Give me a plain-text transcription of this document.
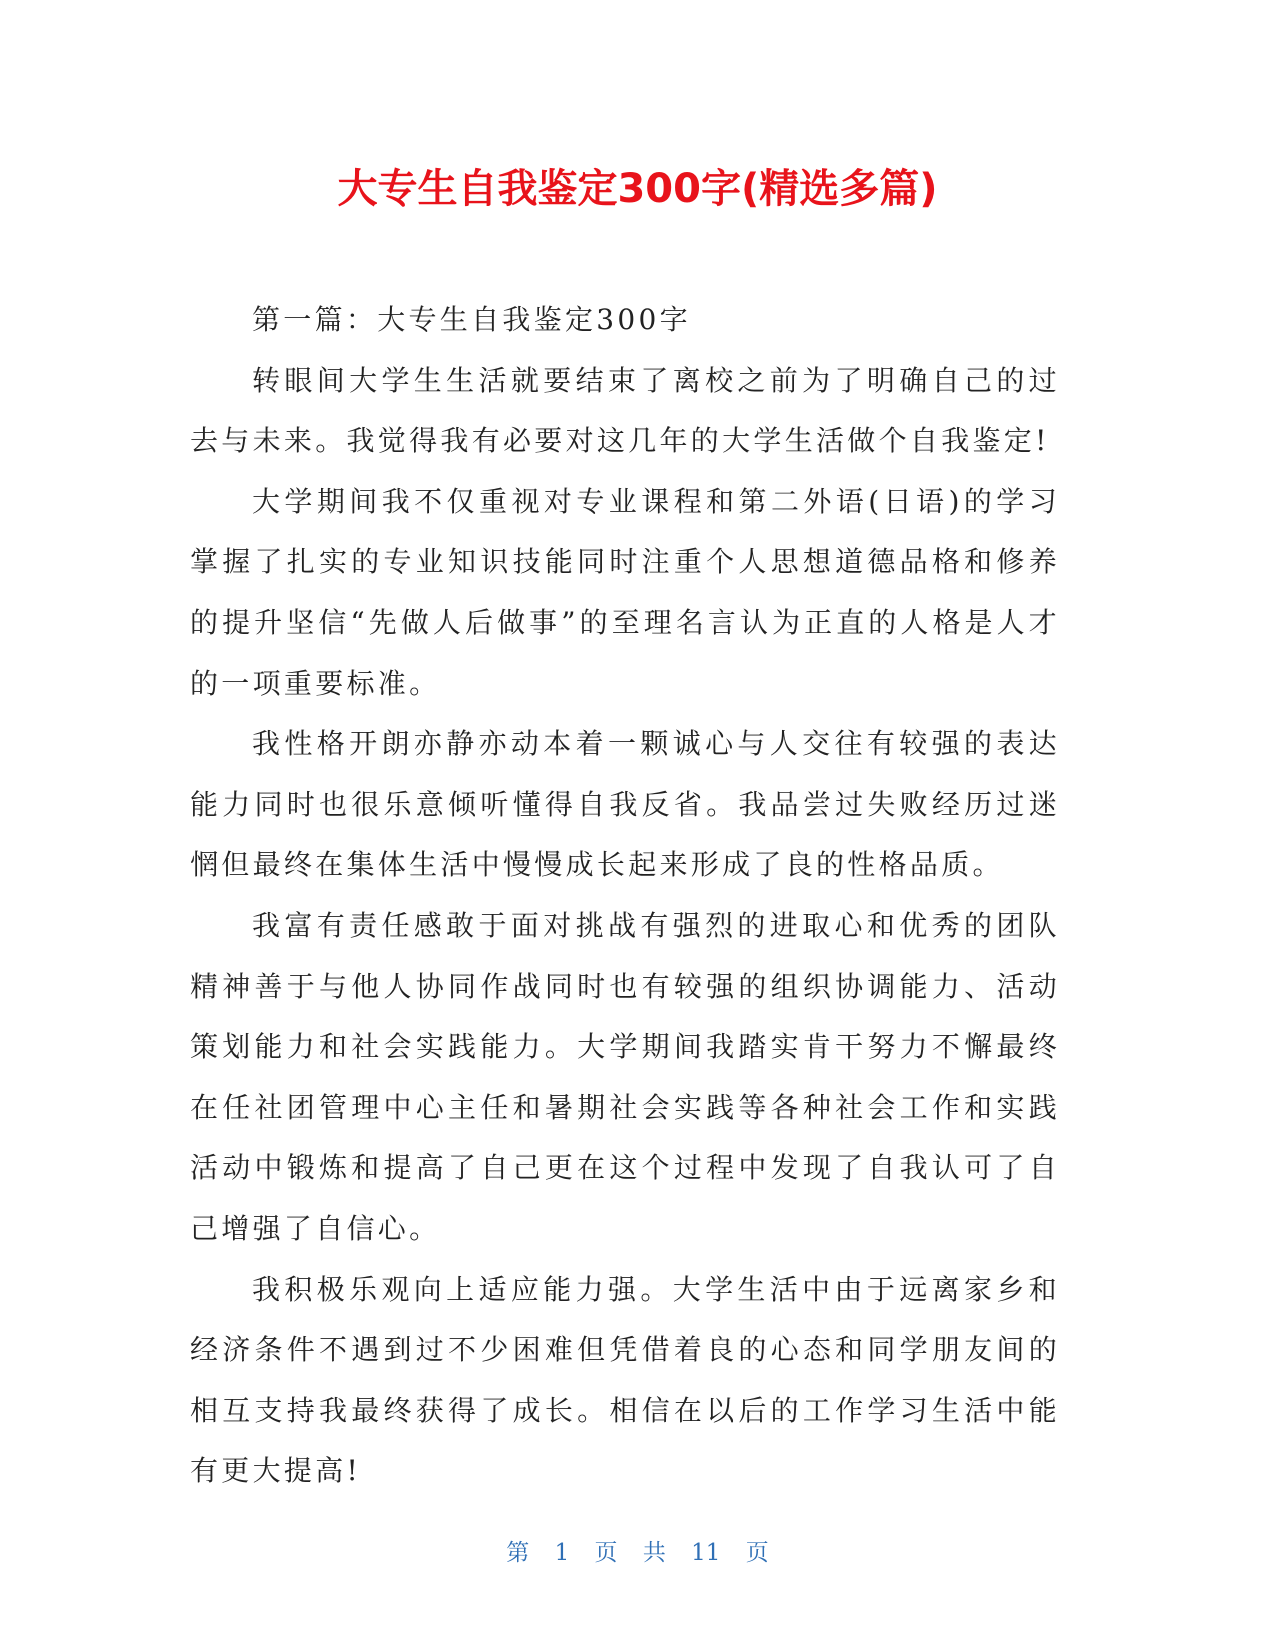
大专生自我鉴定300字(精选多篇)

第一篇：大专生自我鉴定300字

转眼间大学生生活就要结束了离校之前为了明确自己的过去与未来。我觉得我有必要对这几年的大学生活做个自我鉴定!

大学期间我不仅重视对专业课程和第二外语(日语)的学习掌握了扎实的专业知识技能同时注重个人思想道德品格和修养的提升坚信“先做人后做事”的至理名言认为正直的人格是人才的一项重要标准。

我性格开朗亦静亦动本着一颗诚心与人交往有较强的表达能力同时也很乐意倾听懂得自我反省。我品尝过失败经历过迷惘但最终在集体生活中慢慢成长起来形成了良的性格品质。

我富有责任感敢于面对挑战有强烈的进取心和优秀的团队精神善于与他人协同作战同时也有较强的组织协调能力、活动策划能力和社会实践能力。大学期间我踏实肯干努力不懈最终在任社团管理中心主任和暑期社会实践等各种社会工作和实践活动中锻炼和提高了自己更在这个过程中发现了自我认可了自己增强了自信心。

我积极乐观向上适应能力强。大学生活中由于远离家乡和经济条件不遇到过不少困难但凭借着良的心态和同学朋友间的相互支持我最终获得了成长。相信在以后的工作学习生活中能有更大提高!

第 1 页 共 11 页
